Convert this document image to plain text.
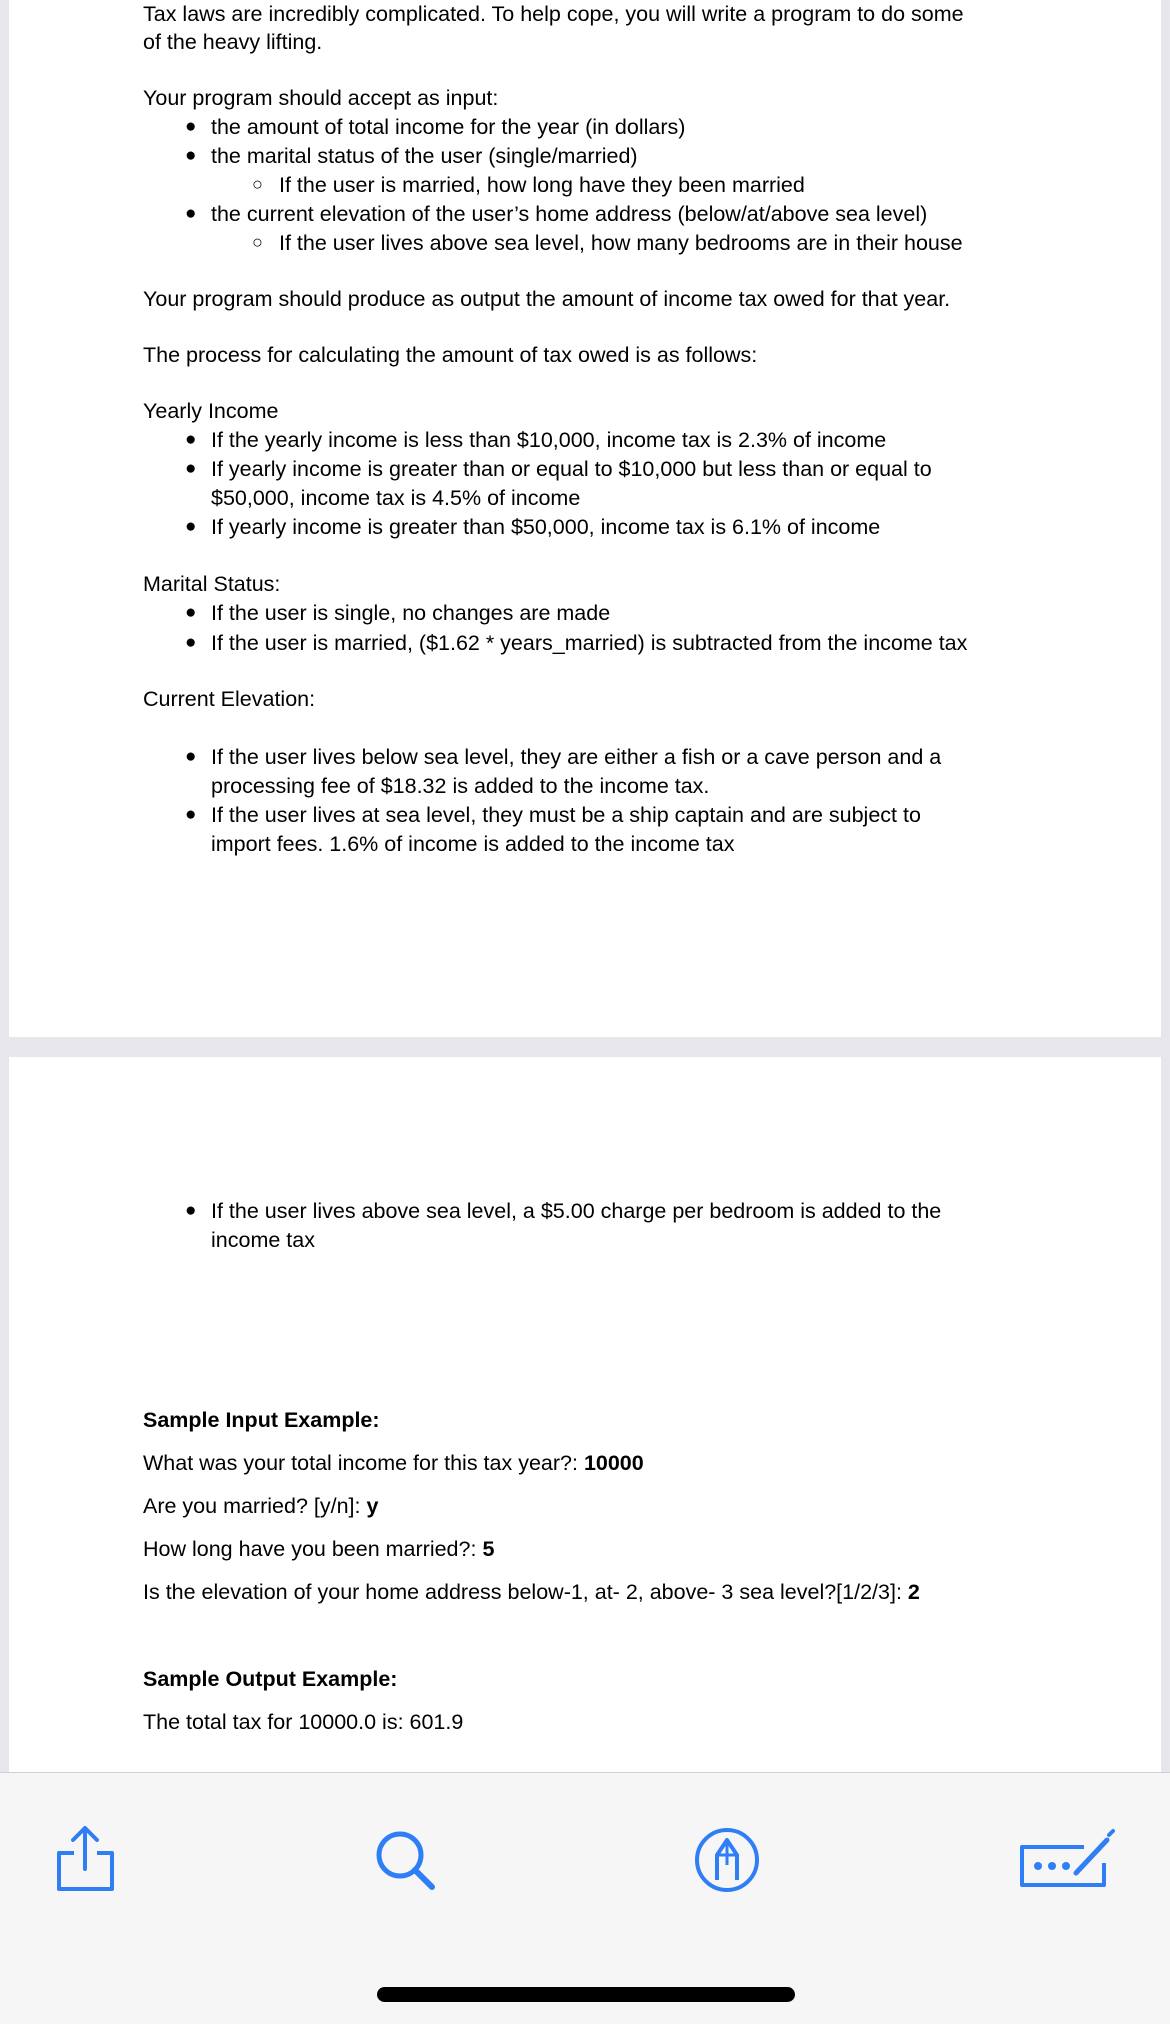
Tax laws are incredibly complicated. To help cope, you will write a program to do some

of the heavy lifting.

Your program should accept as input:

● the amount of total income for the year (in dollars)

● the marital status of the user (single/married)

○ If the user is married, how long have they been married

● the current elevation of the user’s home address (below/at/above sea level)

○ If the user lives above sea level, how many bedrooms are in their house

Your program should produce as output the amount of income tax owed for that year.

The process for calculating the amount of tax owed is as follows:

Yearly Income

● If the yearly income is less than $10,000, income tax is 2.3% of income

● If yearly income is greater than or equal to $10,000 but less than or equal to

$50,000, income tax is 4.5% of income

● If yearly income is greater than $50,000, income tax is 6.1% of income

Marital Status:

● If the user is single, no changes are made

● If the user is married, ($1.62 * years_married) is subtracted from the income tax

Current Elevation:

● If the user lives below sea level, they are either a fish or a cave person and a

processing fee of $18.32 is added to the income tax.

● If the user lives at sea level, they must be a ship captain and are subject to

import fees. 1.6% of income is added to the income tax

● If the user lives above sea level, a $5.00 charge per bedroom is added to the

income tax

Sample Input Example:

What was your total income for this tax year?: 10000

Are you married? [y/n]: y

How long have you been married?: 5

Is the elevation of your home address below-1, at- 2, above- 3 sea level?[1/2/3]: 2

Sample Output Example:

The total tax for 10000.0 is: 601.9
